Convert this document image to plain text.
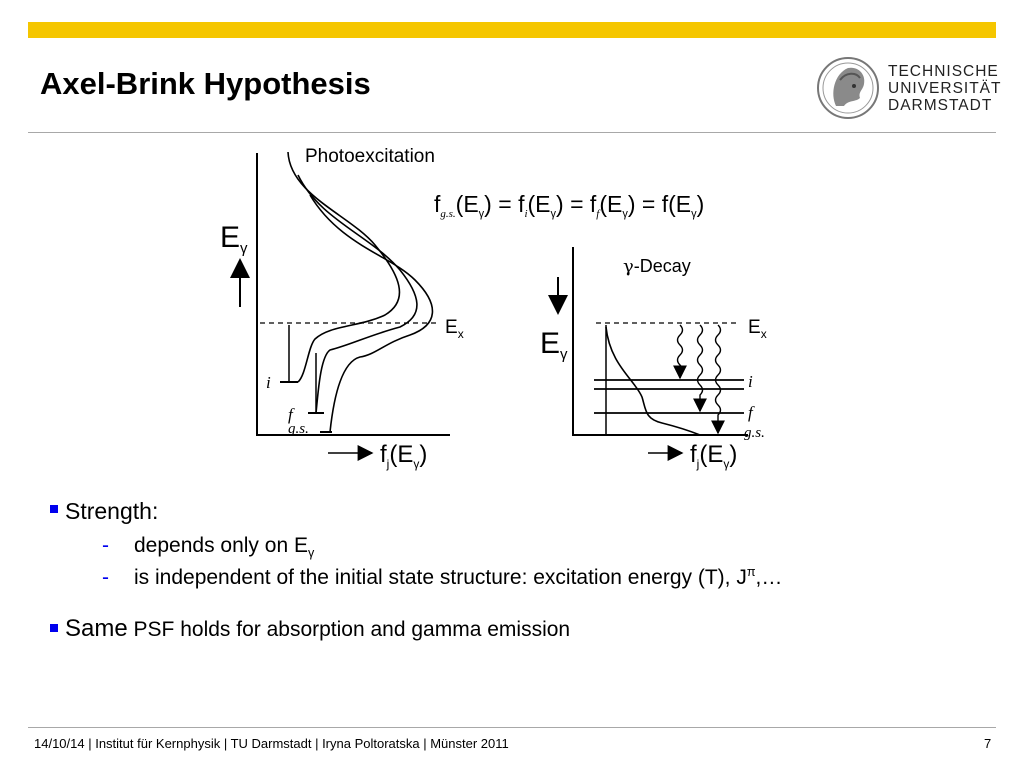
Axel-Brink Hypothesis	TECHNISCHE
UNIVERSITÄT
DARMSTADT
Photoexcitation
$E_\gamma$
$E_x$
i
f
g.s.
$f_j(E_\gamma)$
$f_{g.s.}(E_\gamma) = f_i(E_\gamma) = f_f(E_\gamma) = f(E_\gamma)$
γ-Decay
$E_\gamma$
$E_x$
i
f
g.s.
$f_j(E_\gamma)$
Strength:
- depends only on $E_\gamma$
- is independent of the initial state structure: excitation energy (T), $J^\pi,\dots$
Same PSF holds for absorption and gamma emission
14/10/14 | Institut für Kernphysik | TU Darmstadt | Iryna Poltoratska | Münster 2011	7
